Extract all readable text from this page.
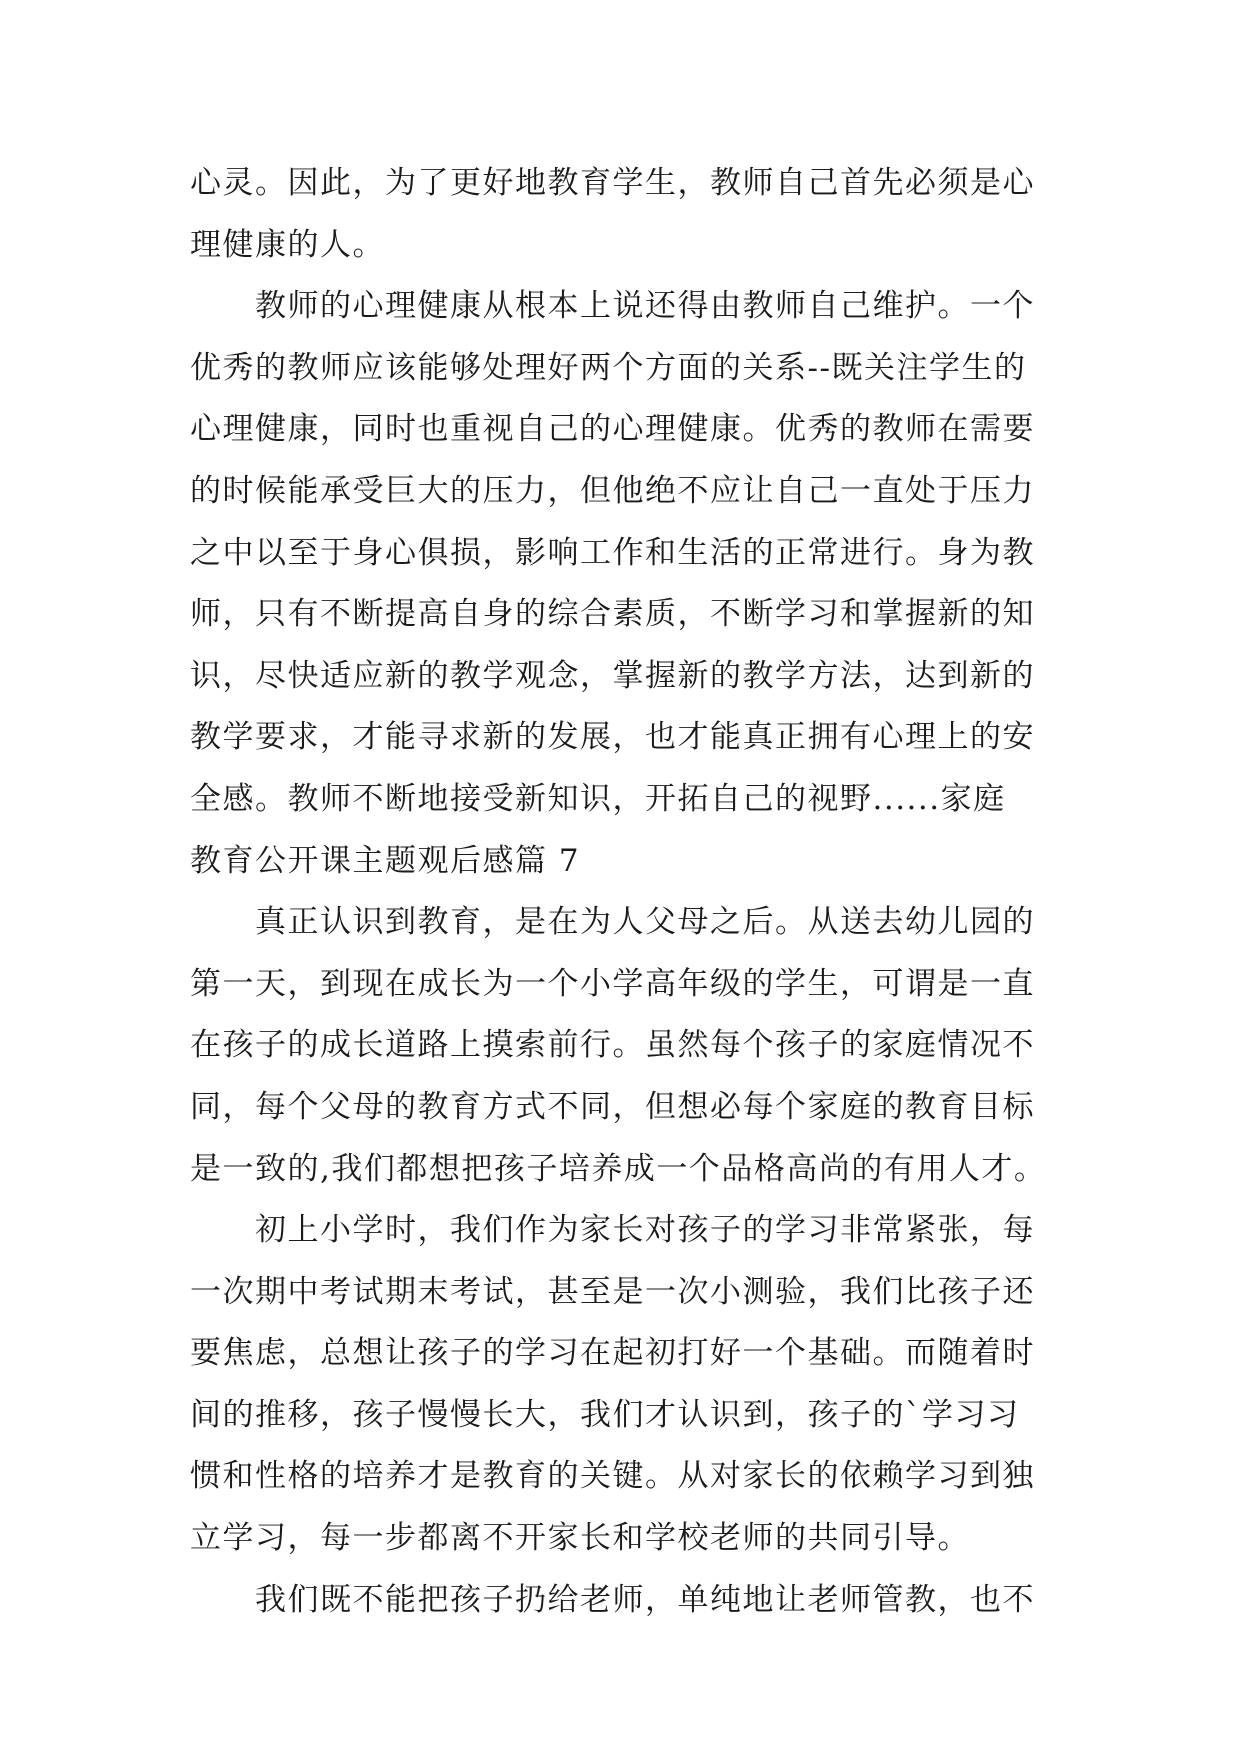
心灵。因此，为了更好地教育学生，教师自己首先必须是心
理健康的人。
教师的心理健康从根本上说还得由教师自己维护。一个
优秀的教师应该能够处理好两个方面的关系--既关注学生的
心理健康，同时也重视自己的心理健康。优秀的教师在需要
的时候能承受巨大的压力，但他绝不应让自己一直处于压力
之中以至于身心俱损，影响工作和生活的正常进行。身为教
师，只有不断提高自身的综合素质，不断学习和掌握新的知
识，尽快适应新的教学观念，掌握新的教学方法，达到新的
教学要求，才能寻求新的发展，也才能真正拥有心理上的安
全感。教师不断地接受新知识，开拓自己的视野......家庭
教育公开课主题观后感篇 7
真正认识到教育，是在为人父母之后。从送去幼儿园的
第一天，到现在成长为一个小学高年级的学生，可谓是一直
在孩子的成长道路上摸索前行。虽然每个孩子的家庭情况不
同，每个父母的教育方式不同，但想必每个家庭的教育目标
是一致的,我们都想把孩子培养成一个品格高尚的有用人才。
初上小学时，我们作为家长对孩子的学习非常紧张，每
一次期中考试期末考试，甚至是一次小测验，我们比孩子还
要焦虑，总想让孩子的学习在起初打好一个基础。而随着时
间的推移，孩子慢慢长大，我们才认识到，孩子的`学习习
惯和性格的培养才是教育的关键。从对家长的依赖学习到独
立学习，每一步都离不开家长和学校老师的共同引导。
我们既不能把孩子扔给老师，单纯地让老师管教，也不
